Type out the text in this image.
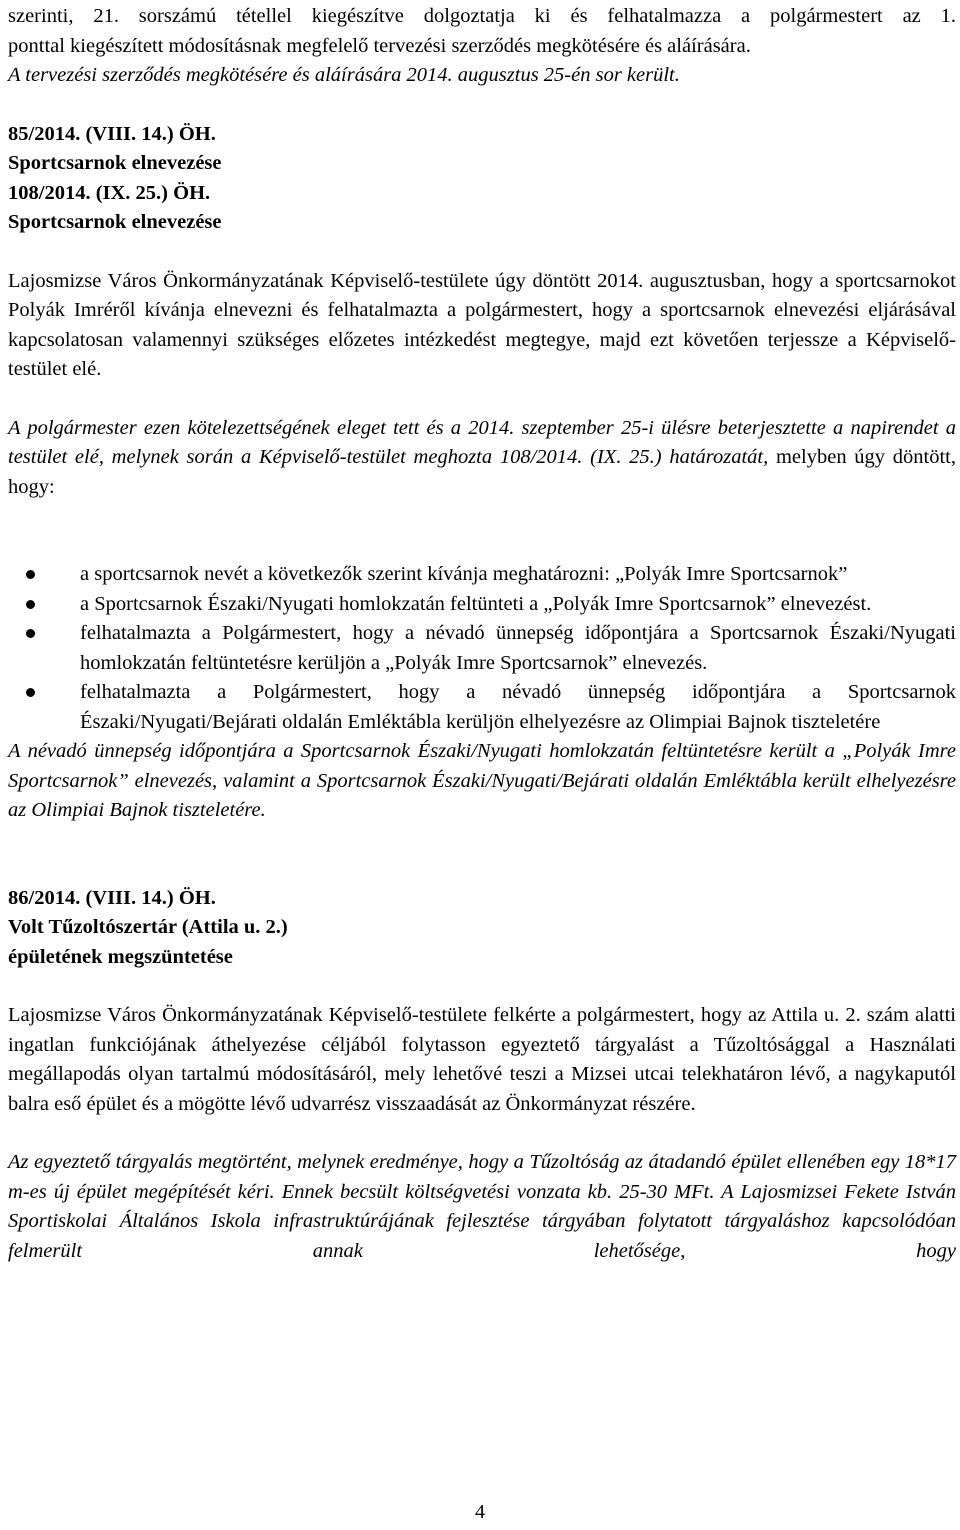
szerinti, 21. sorszámú tétellel kiegészítve dolgoztatja ki és felhatalmazza a polgármestert az 1.

ponttal kiegészített módosításnak megfelelő tervezési szerződés megkötésére és aláírására.

A tervezési szerződés megkötésére és aláírására 2014. augusztus 25-én sor került.

85/2014. (VIII. 14.) ÖH.

Sportcsarnok elnevezése

108/2014. (IX. 25.) ÖH.

Sportcsarnok elnevezése

Lajosmizse Város Önkormányzatának Képviselő-testülete úgy döntött 2014. augusztusban, hogy a sportcsarnokot Polyák Imréről kívánja elnevezni és felhatalmazta a polgármestert, hogy a sportcsarnok elnevezési eljárásával kapcsolatosan valamennyi szükséges előzetes intézkedést megtegye, majd ezt követően terjessze a Képviselő-testület elé.

A polgármester ezen kötelezettségének eleget tett és a 2014. szeptember 25-i ülésre beterjesztette a napirendet a testület elé, melynek során a Képviselő-testület meghozta 108/2014. (IX. 25.) határozatát, melyben úgy döntött, hogy:

a sportcsarnok nevét a következők szerint kívánja meghatározni: „Polyák Imre Sportcsarnok”
a Sportcsarnok Északi/Nyugati homlokzatán feltünteti a „Polyák Imre Sportcsarnok” elnevezést.
felhatalmazta a Polgármestert, hogy a névadó ünnepség időpontjára a Sportcsarnok Északi/Nyugati homlokzatán feltüntetésre kerüljön a „Polyák Imre Sportcsarnok” elnevezés.
felhatalmazta a Polgármestert, hogy a névadó ünnepség időpontjára a Sportcsarnok Északi/Nyugati/Bejárati oldalán Emléktábla kerüljön elhelyezésre az Olimpiai Bajnok tiszteletére

A névadó ünnepség időpontjára a Sportcsarnok Északi/Nyugati homlokzatán feltüntetésre került a „Polyák Imre Sportcsarnok” elnevezés, valamint a Sportcsarnok Északi/Nyugati/Bejárati oldalán Emléktábla került elhelyezésre az Olimpiai Bajnok tiszteletére.

86/2014. (VIII. 14.) ÖH.

Volt Tűzoltószertár (Attila u. 2.)

épületének megszüntetése

Lajosmizse Város Önkormányzatának Képviselő-testülete felkérte a polgármestert, hogy az Attila u. 2. szám alatti ingatlan funkciójának áthelyezése céljából folytasson egyeztető tárgyalást a Tűzoltósággal a Használati megállapodás olyan tartalmú módosításáról, mely lehetővé teszi a Mizsei utcai telekhatáron lévő, a nagykaputól balra eső épület és a mögötte lévő udvarrész visszaadását az Önkormányzat részére.

Az egyeztető tárgyalás megtörtént, melynek eredménye, hogy a Tűzoltóság az átadandó épület ellenében egy 18*17 m-es új épület megépítését kéri. Ennek becsült költségvetési vonzata kb. 25-30 MFt. A Lajosmizsei Fekete István Sportiskolai Általános Iskola infrastruktúrájának fejlesztése tárgyában folytatott tárgyaláshoz kapcsolódóan felmerült annak lehetősége, hogy

4
